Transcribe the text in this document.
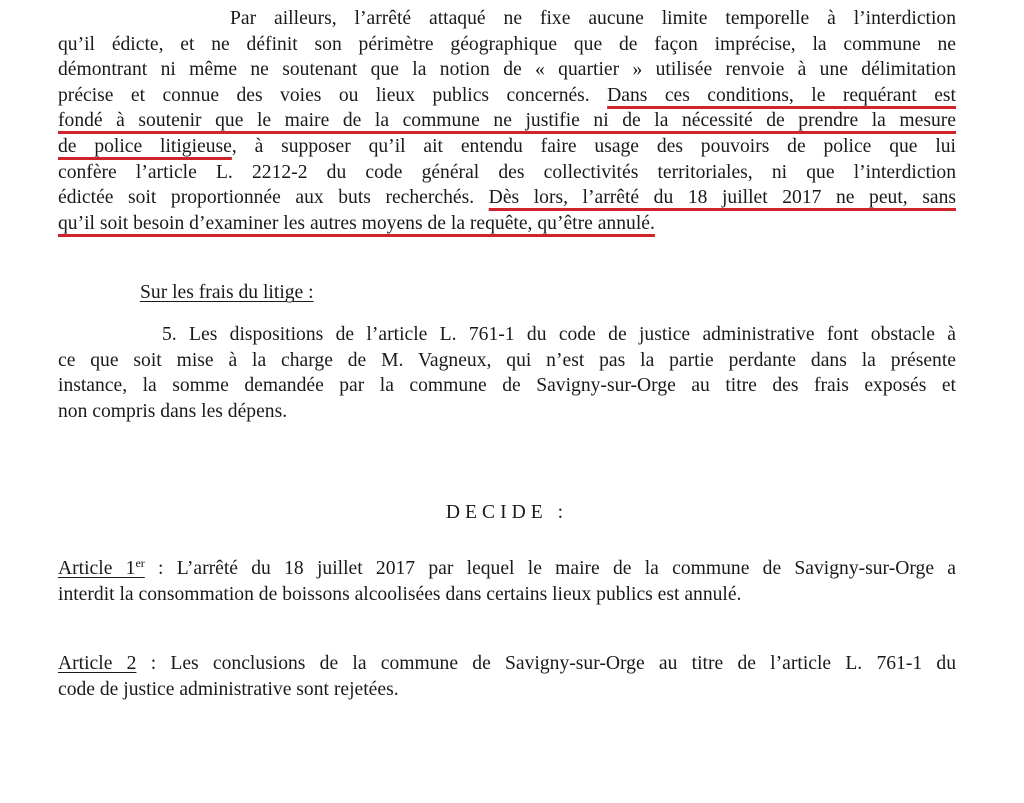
Par ailleurs, l’arrêté attaqué ne fixe aucune limite temporelle à l’interdiction
qu’il édicte, et ne définit son périmètre géographique que de façon imprécise, la commune ne
démontrant ni même ne soutenant que la notion de « quartier » utilisée renvoie à une délimitation
précise et connue des voies ou lieux publics concernés. Dans ces conditions, le requérant est
fondé à soutenir que le maire de la commune ne justifie ni de la nécessité de prendre la mesure
de police litigieuse, à supposer qu’il ait entendu faire usage des pouvoirs de police que lui
confère l’article L. 2212-2 du code général des collectivités territoriales, ni que l’interdiction
édictée soit proportionnée aux buts recherchés. Dès lors, l’arrêté du 18 juillet 2017 ne peut, sans
qu’il soit besoin d’examiner les autres moyens de la requête, qu’être annulé.
Sur les frais du litige :
5. Les dispositions de l’article L. 761-1 du code de justice administrative font obstacle à
ce que soit mise à la charge de M. Vagneux, qui n’est pas la partie perdante dans la présente
instance, la somme demandée par la commune de Savigny-sur-Orge au titre des frais exposés et
non compris dans les dépens.
DECIDE :
Article 1er : L’arrêté du 18 juillet 2017 par lequel le maire de la commune de Savigny-sur-Orge a
interdit la consommation de boissons alcoolisées dans certains lieux publics est annulé.
Article 2 : Les conclusions de la commune de Savigny-sur-Orge au titre de l’article L. 761-1 du
code de justice administrative sont rejetées.
